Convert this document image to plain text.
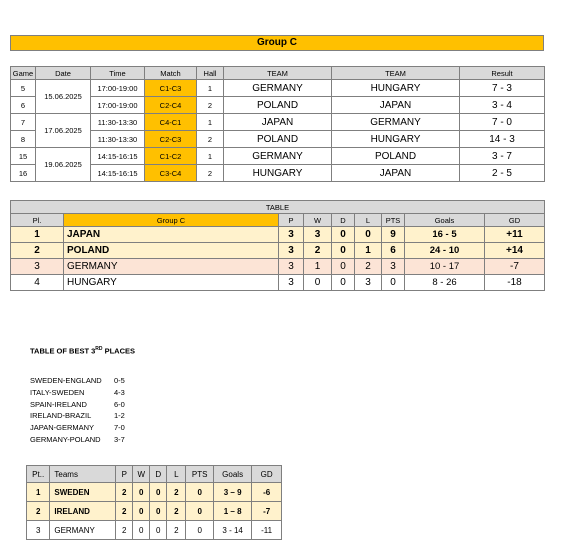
Group C
Game	Date	Time	Match	Hall	TEAM	TEAM	Result
5	15.06.2025	17:00-19:00	C1-C3	1	GERMANY	HUNGARY	7 - 3
6		17:00-19:00	C2-C4	2	POLAND	JAPAN	3 - 4
7	17.06.2025	11:30-13:30	C4-C1	1	JAPAN	GERMANY	7 - 0
8		11:30-13:30	C2-C3	2	POLAND	HUNGARY	14 - 3
15	19.06.2025	14:15-16:15	C1-C2	1	GERMANY	POLAND	3 - 7
16		14:15-16:15	C3-C4	2	HUNGARY	JAPAN	2 - 5
TABLE								
Pl.	Group C	P	W	D	L	PTS	Goals	GD
1	JAPAN	3	3	0	0	9	16 - 5	+11
2	POLAND	3	2	0	1	6	24 - 10	+14
3	GERMANY	3	1	0	2	3	10 - 17	-7
4	HUNGARY	3	0	0	3	0	8 - 26	-18
TABLE OF BEST 3RD PLACES
SWEDEN-ENGLAND	0-5
ITALY-SWEDEN	4-3
SPAIN-IRELAND	6-0
IRELAND-BRAZIL	1-2
JAPAN-GERMANY	7-0
GERMANY-POLAND	3-7
Pt..	Teams	P	W	D	L	PTS	Goals	GD
1	SWEDEN	2	0	0	2	0	3 – 9	-6
2	IRELAND	2	0	0	2	0	1 – 8	-7
3	GERMANY	2	0	0	2	0	3 - 14	-11
